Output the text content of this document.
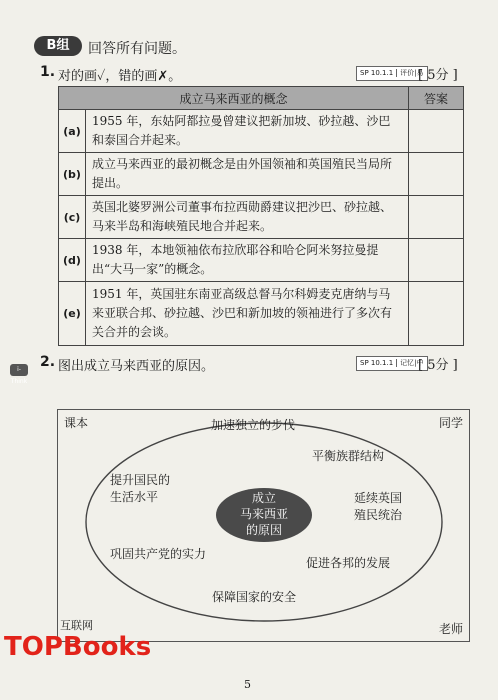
B组	回答所有问题。
1. 对的画✓，错的画✗。	SP 10.1.1 评价|易
[ 5分 ]
成立马来西亚的概念		答案
(a)	1955 年，东姑阿都拉曼曾建议把新加坡、砂拉越、沙巴和泰国合并起来。	
(b)	成立马来西亚的最初概念是由外国领袖和英国殖民当局所提出。	
(c)	英国北婆罗洲公司董事布拉西勋爵建议把沙巴、砂拉越、马来半岛和海峡殖民地合并起来。	
(d)	1938 年，本地领袖依布拉欣耶谷和哈仑阿米努拉曼提出“大马一家”的概念。	
(e)	1951 年，英国驻东南亚高级总督马尔科姆麦克唐纳与马来亚联合邦、砂拉越、沙巴和新加坡的领袖进行了多次有关合并的会谈。	
2. 图出成立马来西亚的原因。
i-Think
SP 10.1.1 记忆|中
[ 5分 ]
课本	同学
老师
成立
马来西亚
的原因
加速独立的步伐
平衡族群结构
提升国民的
生活水平	延续英国
殖民统治
巩固共产党的实力
促进各邦的发展
保障国家的安全
互联网
TOPBooks
5
